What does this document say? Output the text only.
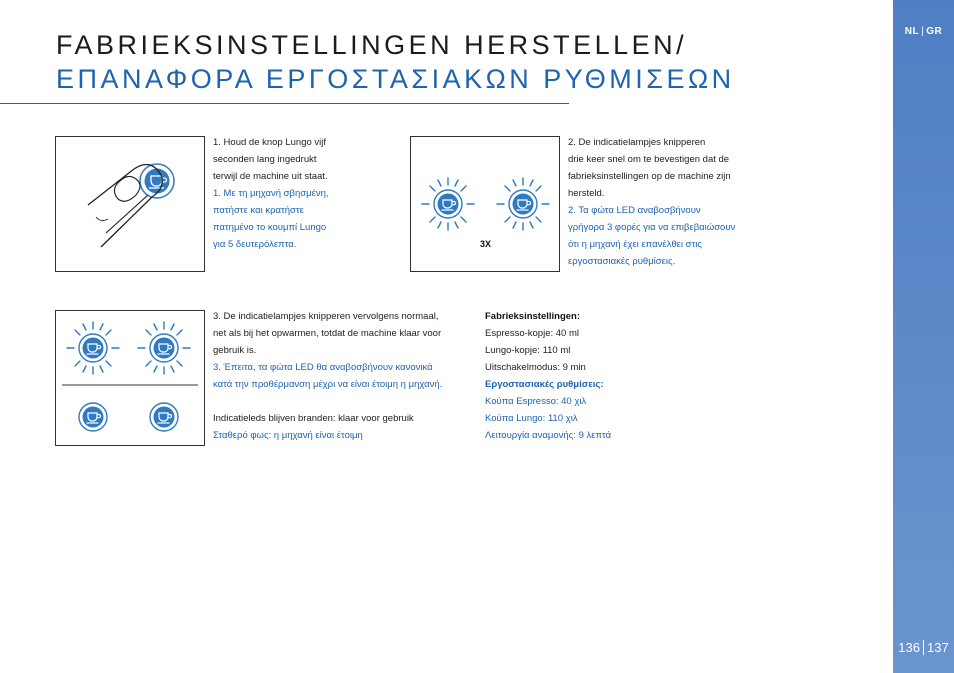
FABRIEKSINSTELLINGEN HERSTELLEN/
ΕΠΑΝΑΦΟΡΑ ΕΡΓΟΣΤΑΣΙΑΚΩΝ ΡΥΘΜΙΣΕΩΝ
NL | GR
136 137

1. Houd de knop Lungo vijf

seconden lang ingedrukt

terwijl de machine uit staat.

1. Με τη μηχανή σβησμένη,

πατήστε και κρατήστε

πατημένο το κουμπί Lungo

για 5 δευτερόλεπτα.	3X

2. De indicatielampjes knipperen

drie keer snel om te bevestigen dat de

fabrieksinstellingen op de machine zijn

hersteld.

2. Τα φώτα LED αναβοσβήνουν

γρήγορα 3 φορές για να επιβεβαιώσουν

ότι η μηχανή έχει επανέλθει στις

εργοστασιακές ρυθμίσεις.

3. De indicatielampjes knipperen vervolgens normaal,

net als bij het opwarmen, totdat de machine klaar voor

gebruik is.

3. Έπειτα, τα φώτα LED θα αναβοσβήνουν κανονικά

κατά την προθέρμανση μέχρι να είναι έτοιμη η μηχανή.

Indicatieleds blijven branden: klaar voor gebruik

Σταθερό φως: η μηχανή είναι έτοιμη

Fabrieksinstellingen:

Espresso-kopje: 40 ml

Lungo-kopje: 110 ml

Uitschakelmodus: 9 min

Εργοστασιακές ρυθμίσεις:

Κούπα Espresso: 40 χιλ

Κούπα Lungo: 110 χιλ

Λειτουργία αναμονής: 9 λεπτά
